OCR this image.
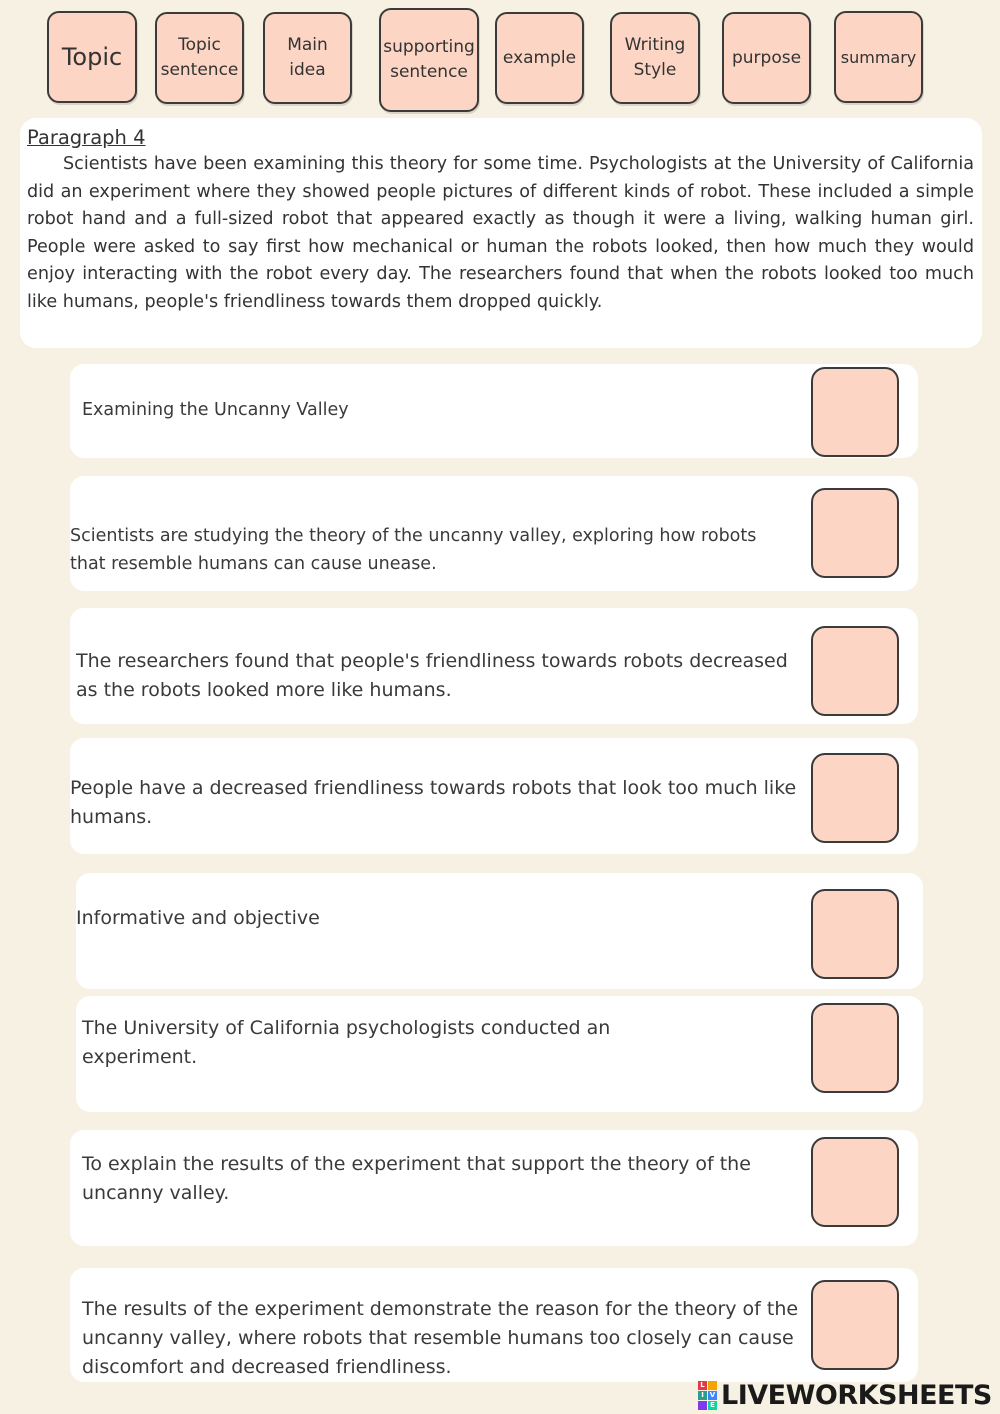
Topic	Topic sentence
Main idea
supporting sentence
example
Writing Style
purpose summary
Paragraph 4

Scientists have been examining this theory for some time. Psychologists at the University of California did an experiment where they showed people pictures of different kinds of robot. These included a simple robot hand and a full-sized robot that appeared exactly as though it were a living, walking human girl. People were asked to say first how mechanical or human the robots looked, then how much they would enjoy interacting with the robot every day. The researchers found that when the robots looked too much like humans, people's friendliness towards them dropped quickly.

Examining the Uncanny Valley
Scientists are studying the theory of the uncanny valley, exploring how robots that resemble humans can cause unease.
The researchers found that people's friendliness towards robots decreased as the robots looked more like humans.
People have a decreased friendliness towards robots that look too much like humans.
Informative and objective
The University of California psychologists conducted an experiment.
To explain the results of the experiment that support the theory of the uncanny valley.
The results of the experiment demonstrate the reason for the theory of the uncanny valley, where robots that resemble humans too closely can cause discomfort and decreased friendliness.
L
I V
E LIVEWORKSHEETS
